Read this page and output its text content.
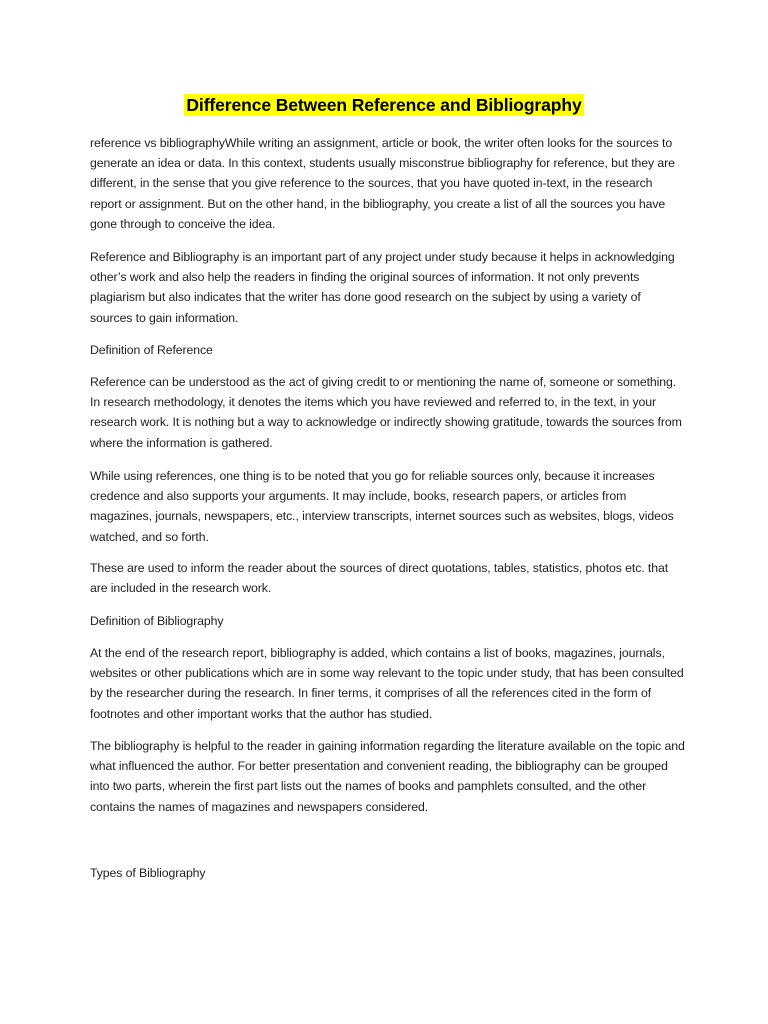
Difference Between Reference and Bibliography

reference vs bibliographyWhile writing an assignment, article or book, the writer often looks for the sources to generate an idea or data. In this context, students usually misconstrue bibliography for reference, but they are different, in the sense that you give reference to the sources, that you have quoted in-text, in the research report or assignment. But on the other hand, in the bibliography, you create a list of all the sources you have gone through to conceive the idea.

Reference and Bibliography is an important part of any project under study because it helps in acknowledging other’s work and also help the readers in finding the original sources of information. It not only prevents plagiarism but also indicates that the writer has done good research on the subject by using a variety of sources to gain information.

Definition of Reference

Reference can be understood as the act of giving credit to or mentioning the name of, someone or something. In research methodology, it denotes the items which you have reviewed and referred to, in the text, in your research work. It is nothing but a way to acknowledge or indirectly showing gratitude, towards the sources from where the information is gathered.

While using references, one thing is to be noted that you go for reliable sources only, because it increases credence and also supports your arguments. It may include, books, research papers, or articles from magazines, journals, newspapers, etc., interview transcripts, internet sources such as websites, blogs, videos watched, and so forth.

These are used to inform the reader about the sources of direct quotations, tables, statistics, photos etc. that are included in the research work.

Definition of Bibliography

At the end of the research report, bibliography is added, which contains a list of books, magazines, journals, websites or other publications which are in some way relevant to the topic under study, that has been consulted by the researcher during the research. In finer terms, it comprises of all the references cited in the form of footnotes and other important works that the author has studied.

The bibliography is helpful to the reader in gaining information regarding the literature available on the topic and what influenced the author. For better presentation and convenient reading, the bibliography can be grouped into two parts, wherein the first part lists out the names of books and pamphlets consulted, and the other contains the names of magazines and newspapers considered.

Types of Bibliography
